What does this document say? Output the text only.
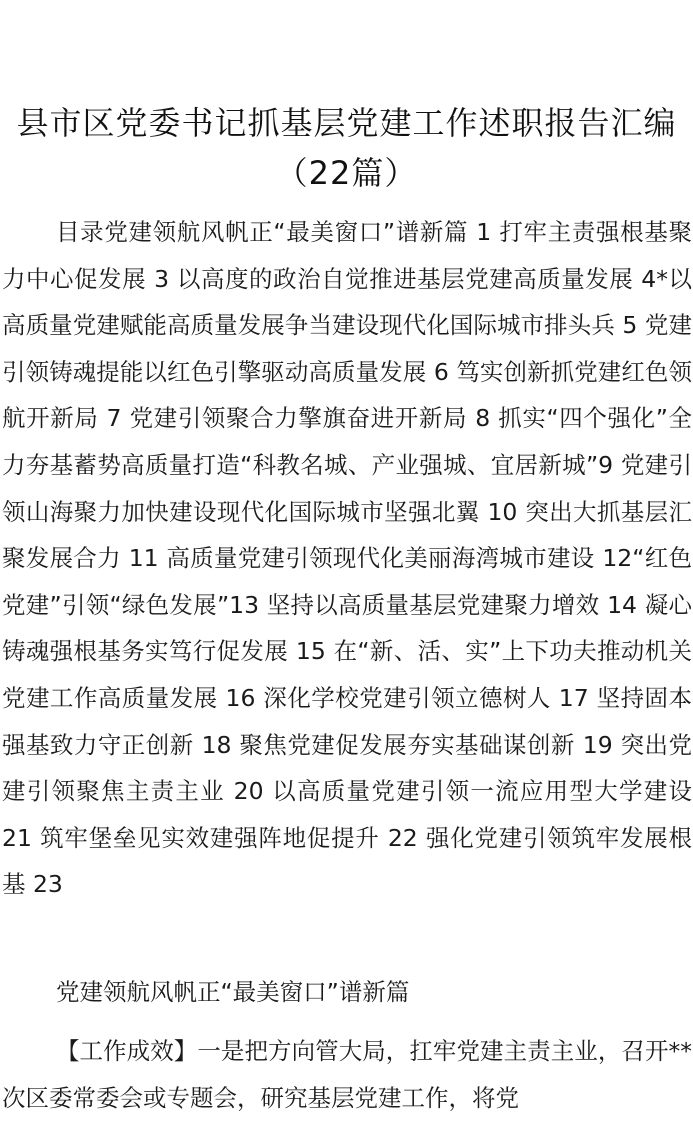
县市区党委书记抓基层党建工作述职报告汇编（22篇）

目录党建领航风帆正“最美窗口”谱新篇 1 打牢主责强根基聚力中心促发展 3 以高度的政治自觉推进基层党建高质量发展 4*以高质量党建赋能高质量发展争当建设现代化国际城市排头兵 5 党建引领铸魂提能以红色引擎驱动高质量发展 6 笃实创新抓党建红色领航开新局 7 党建引领聚合力擎旗奋进开新局 8 抓实“四个强化”全力夯基蓄势高质量打造“科教名城、产业强城、宜居新城”9 党建引领山海聚力加快建设现代化国际城市坚强北翼 10 突出大抓基层汇聚发展合力 11 高质量党建引领现代化美丽海湾城市建设 12“红色党建”引领“绿色发展”13 坚持以高质量基层党建聚力增效 14 凝心铸魂强根基务实笃行促发展 15 在“新、活、实”上下功夫推动机关党建工作高质量发展 16 深化学校党建引领立德树人 17 坚持固本强基致力守正创新 18 聚焦党建促发展夯实基础谋创新 19 突出党建引领聚焦主责主业 20 以高质量党建引领一流应用型大学建设 21 筑牢堡垒见实效建强阵地促提升 22 强化党建引领筑牢发展根基 23

党建领航风帆正“最美窗口”谱新篇

【工作成效】一是把方向管大局，扛牢党建主责主业，召开**次区委常委会或专题会，研究基层党建工作，将党
